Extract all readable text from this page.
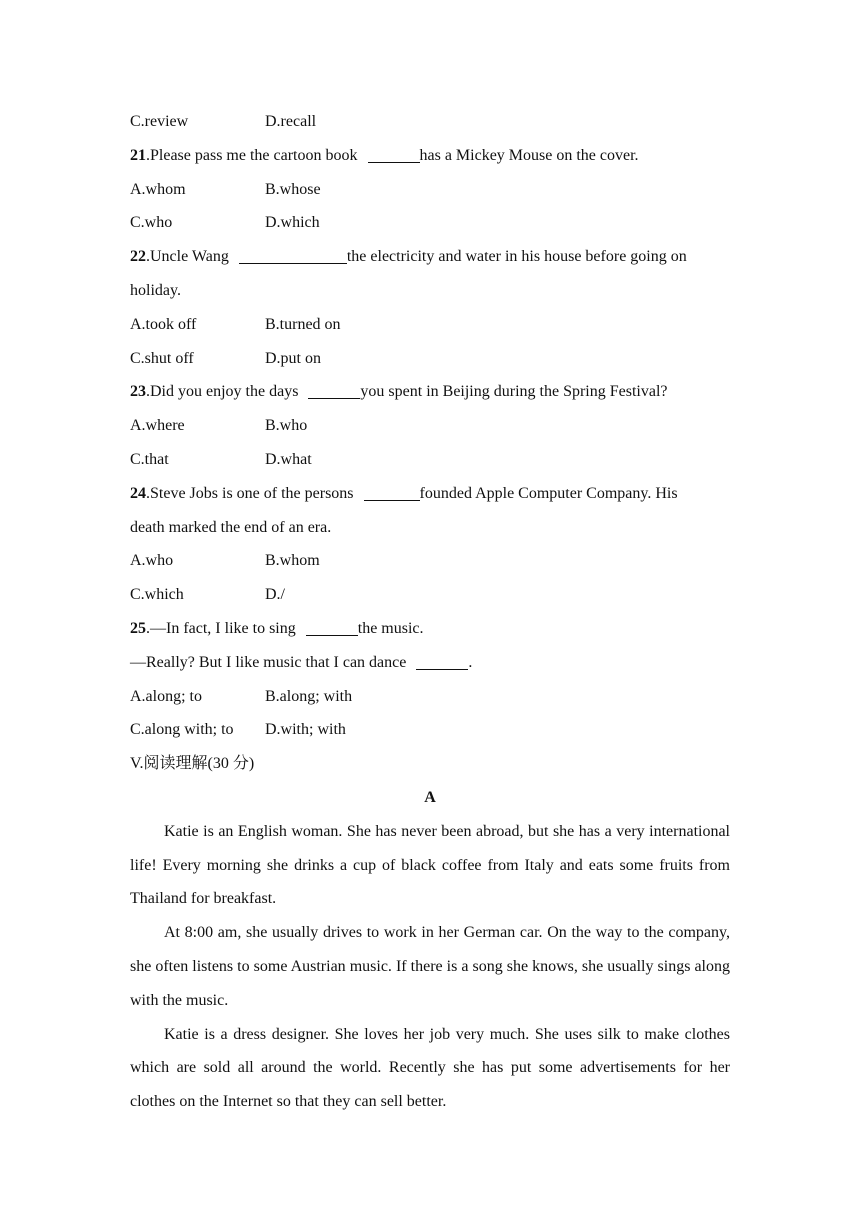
C.review	D.recall
21.Please pass me the cartoon book	has a Mickey Mouse on the cover.
A.whom	B.whose
C.who	D.which
22.Uncle Wang	the electricity and water in his house before going on
holiday.
A.took off	B.turned on
C.shut off	D.put on
23.Did you enjoy the days	you spent in Beijing during the Spring Festival?
A.where	B.who
C.that	D.what
24.Steve Jobs is one of the persons	founded Apple Computer Company. His
death marked the end of an era.
A.who	B.whom
C.which	D./
25.—In fact, I like to sing	the music.
—Really? But I like music that I can dance	.
A.along; to	B.along; with
C.along with; to	D.with; with
V.阅读理解(30 分)
A
Katie is an English woman. She has never been abroad, but she has a very international life! Every morning she drinks a cup of black coffee from Italy and eats some fruits from Thailand for breakfast.
At 8:00 am, she usually drives to work in her German car. On the way to the company, she often listens to some Austrian music. If there is a song she knows, she usually sings along with the music.
Katie is a dress designer. She loves her job very much. She uses silk to make clothes which are sold all around the world. Recently she has put some advertisements for her clothes on the Internet so that they can sell better.
